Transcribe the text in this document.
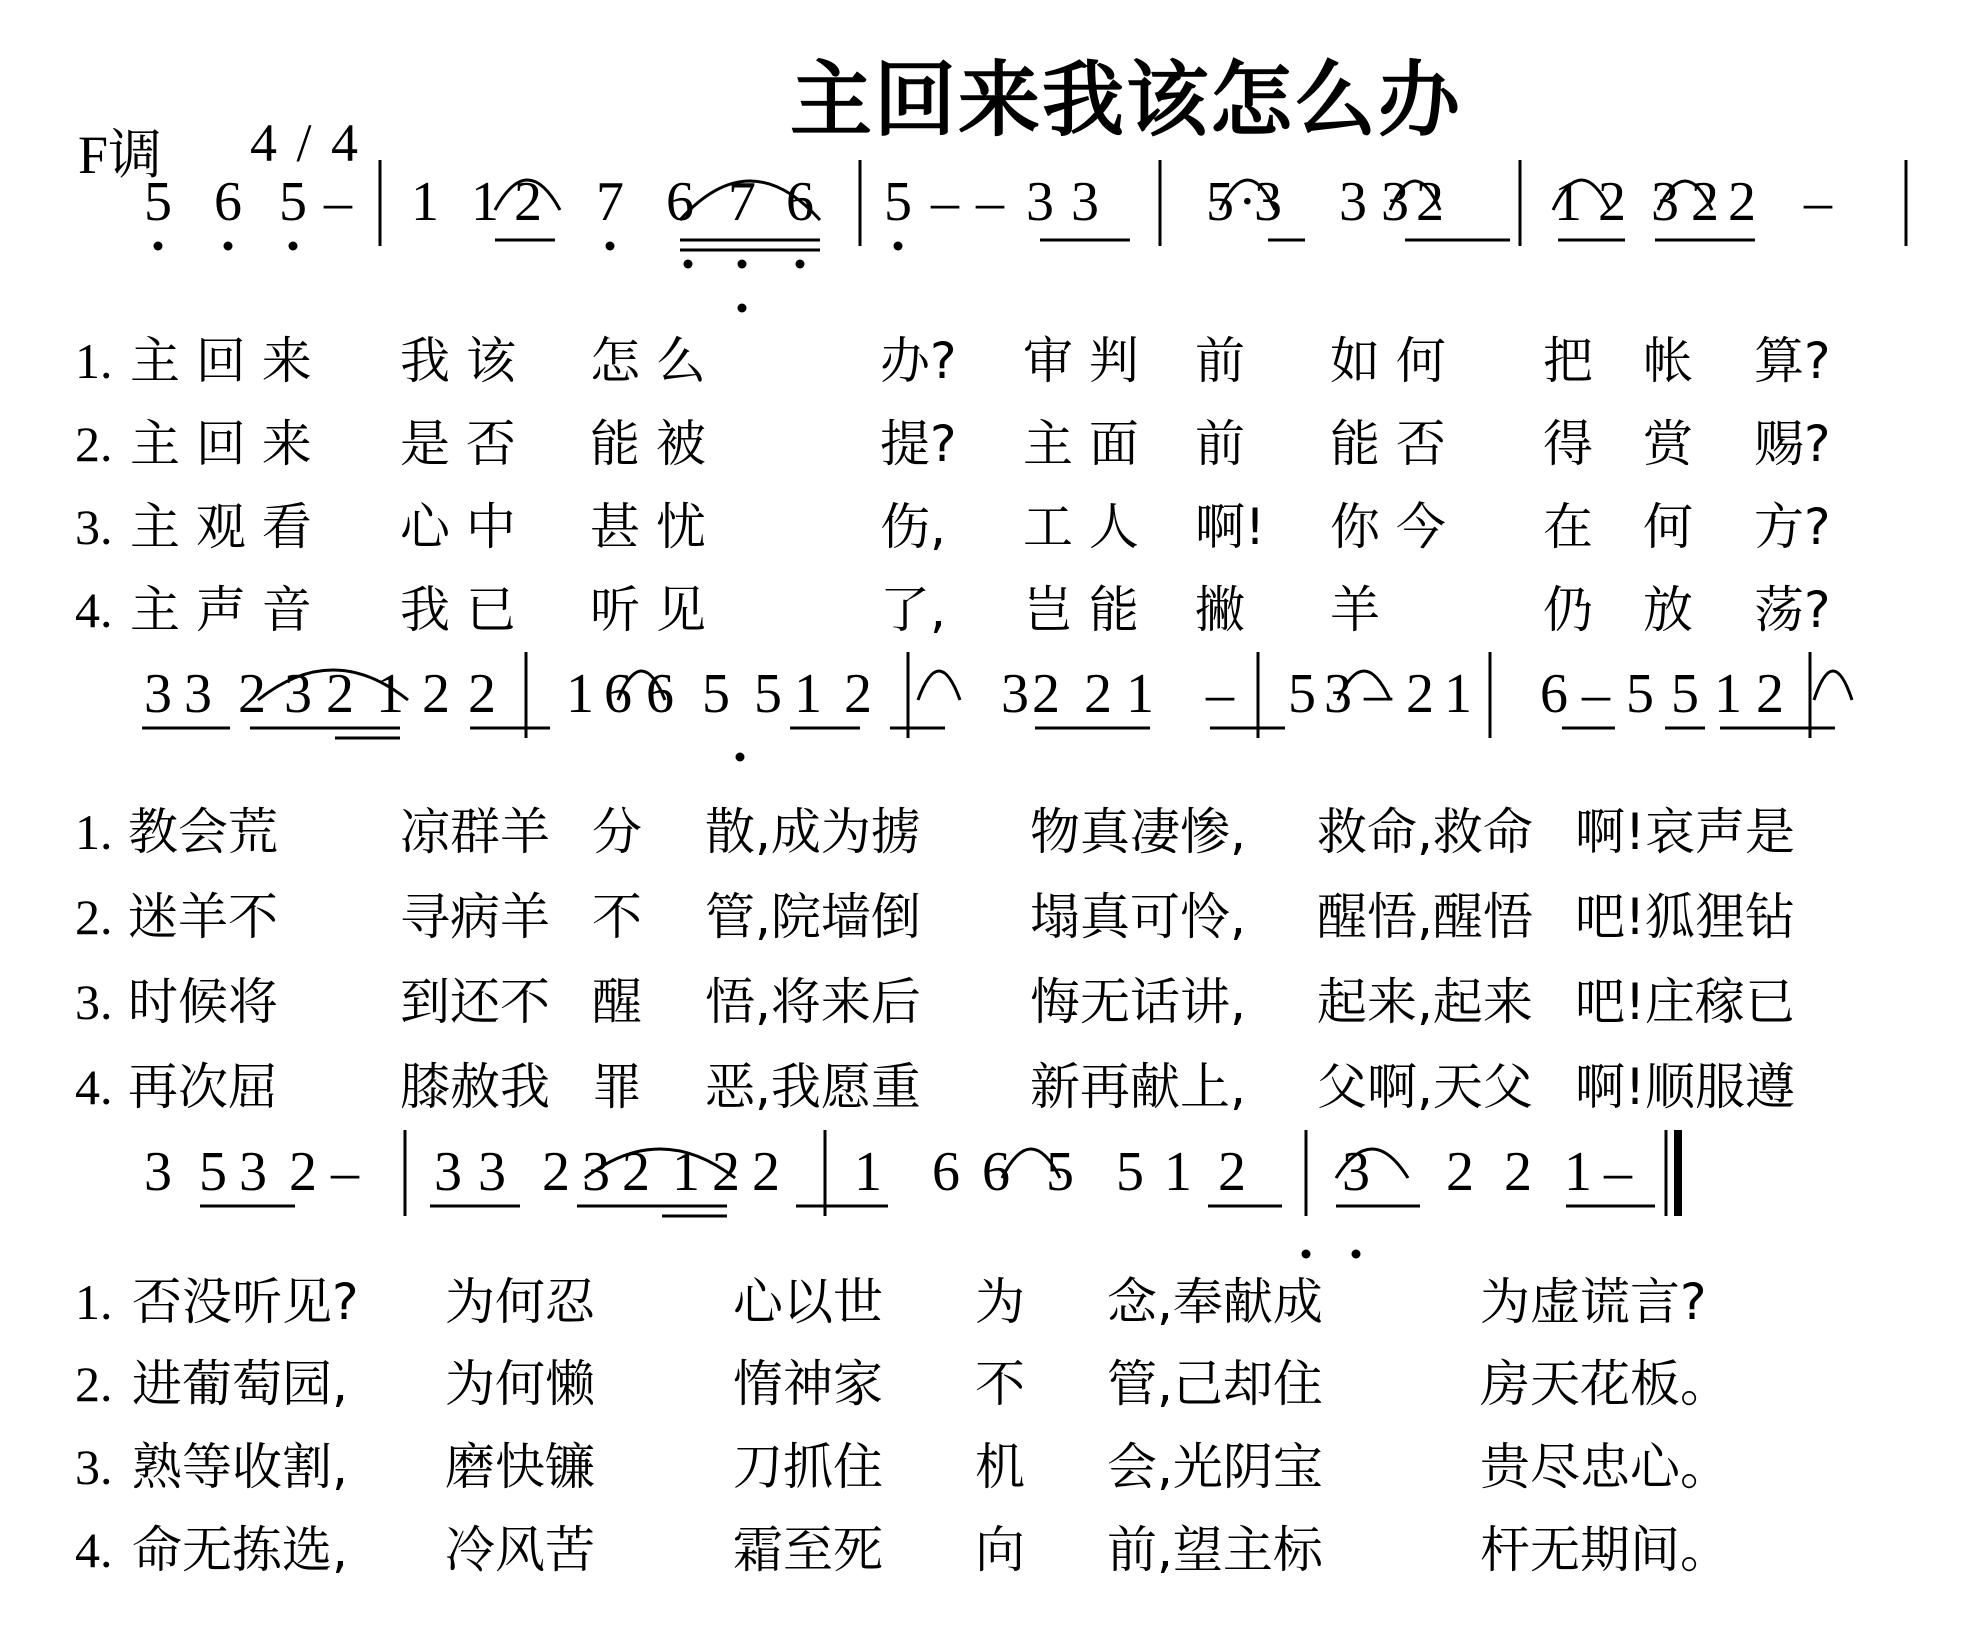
主回来我该怎么办
F调 4 / 4
5 6 5 – 1 1 2 7 6 7 6 5 – – 3 3 5 ·
3 3 3 2 1 2 3 2 2 –
3 3 2 3 2 1 2 2 1 6 6 5 5 1 2 3 2 2 1 – 5 3 – 2 1 6 – 5 5 1 2
3 5 3 2 – 3 3 2 3 2 1 2 2 1 6 6 5 5 1 2 3 2 2 1 –
1. 主 回 来 我 该 怎 么	办? 审 判 前 如 何 把 帐 算?
2. 主 回 来 是 否 能 被	提? 主 面 前 能 否 得 赏 赐?
3. 主 观 看 心 中 甚 忧	伤, 工 人 啊! 你 今 在 何 方?
4. 主 声 音 我 已 听 见	了, 岂 能 撇 羊	仍 放 荡?
1. 教会荒 凉群羊 分 散,成为掳 物真凄惨, 救命,救命 啊!哀声是
2. 迷羊不 寻病羊 不 管,院墙倒 塌真可怜, 醒悟,醒悟 吧!狐狸钻
3. 时候将 到还不 醒 悟,将来后 悔无话讲, 起来,起来 吧!庄稼已
4. 再次屈 膝赦我 罪 恶,我愿重 新再献上, 父啊,天父 啊!顺服遵
1. 否没听见? 为何忍	心以世 为 念,奉献成	为虚谎言?
2. 进葡萄园, 为何懒	惰神家 不 管,己却住	房天花板。
3. 熟等收割, 磨快镰	刀抓住 机 会,光阴宝	贵尽忠心。
4. 命无拣选, 冷风苦	霜至死 向 前,望主标	杆无期间。
